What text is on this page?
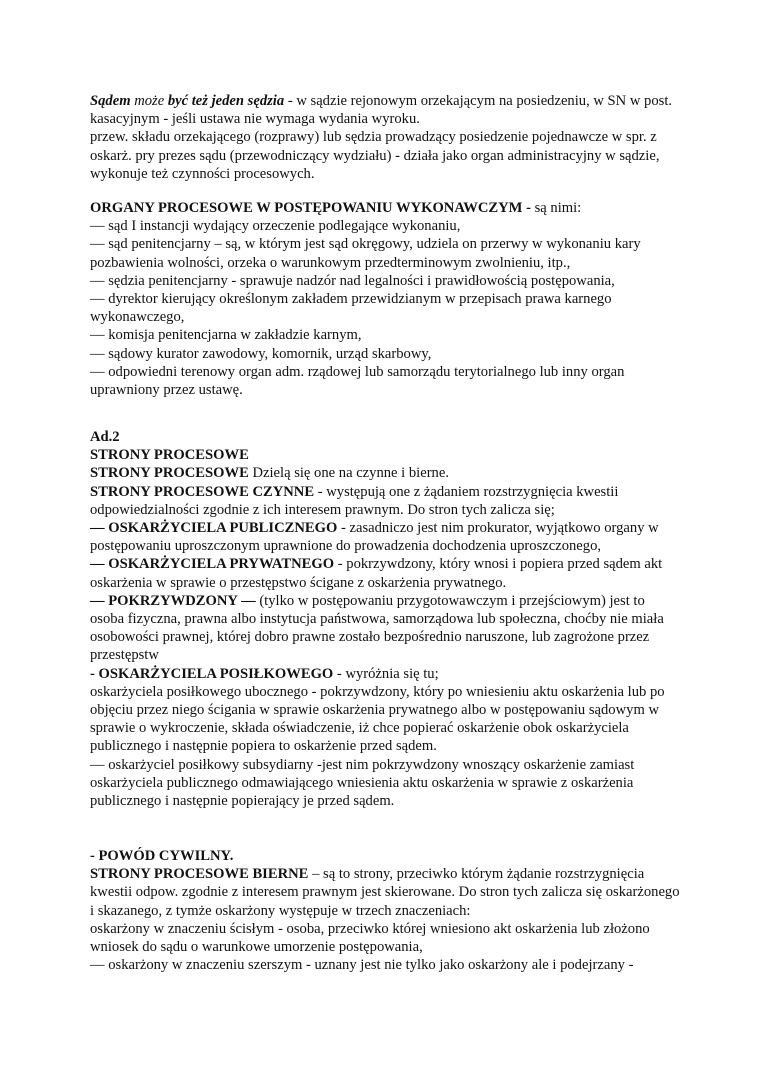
Sądem może być też jeden sędzia - w sądzie rejonowym orzekającym na posiedzeniu, w SN w post. kasacyjnym - jeśli ustawa nie wymaga wydania wyroku.

przew. składu orzekającego (rozprawy) lub sędzia prowadzący posiedzenie pojednawcze w spr. z oskarż. pry prezes sądu (przewodniczący wydziału) - działa jako organ administracyjny w sądzie, wykonuje też czynności procesowych.

ORGANY PROCESOWE W POSTĘPOWANIU WYKONAWCZYM - są nimi:

— sąd I instancji wydający orzeczenie podlegające wykonaniu,

— sąd penitencjarny – są, w którym jest sąd okręgowy, udziela on przerwy w wykonaniu kary pozbawienia wolności, orzeka o warunkowym przedterminowym zwolnieniu, itp.,

— sędzia penitencjarny - sprawuje nadzór nad legalności i prawidłowością postępowania,

— dyrektor kierujący określonym zakładem przewidzianym w przepisach prawa karnego wykonawczego,

— komisja penitencjarna w zakładzie karnym,

— sądowy kurator zawodowy, komornik, urząd skarbowy,

— odpowiedni terenowy organ adm. rządowej lub samorządu terytorialnego lub inny organ uprawniony przez ustawę.

Ad.2

STRONY PROCESOWE

STRONY PROCESOWE Dzielą się one na czynne i bierne.

STRONY PROCESOWE CZYNNE - występują one z żądaniem rozstrzygnięcia kwestii odpowiedzialności zgodnie z ich interesem prawnym. Do stron tych zalicza się;

— OSKARŻYCIELA PUBLICZNEGO - zasadniczo jest nim prokurator, wyjątkowo organy w postępowaniu uproszczonym uprawnione do prowadzenia dochodzenia uproszczonego,

— OSKARŻYCIELA PRYWATNEGO - pokrzywdzony, który wnosi i popiera przed sądem akt oskarżenia w sprawie o przestępstwo ścigane z oskarżenia prywatnego.

— POKRZYWDZONY — (tylko w postępowaniu przygotowawczym i przejściowym) jest to osoba fizyczna, prawna albo instytucja państwowa, samorządowa lub społeczna, choćby nie miała osobowości prawnej, której dobro prawne zostało bezpośrednio naruszone, lub zagrożone przez przestępstw

- OSKARŻYCIELA POSIŁKOWEGO - wyróżnia się tu;

oskarżyciela posiłkowego ubocznego - pokrzywdzony, który po wniesieniu aktu oskarżenia lub po objęciu przez niego ścigania w sprawie oskarżenia prywatnego albo w postępowaniu sądowym w sprawie o wykroczenie, składa oświadczenie, iż chce popierać oskarżenie obok oskarżyciela publicznego i następnie popiera to oskarżenie przed sądem.

— oskarżyciel posiłkowy subsydiarny -jest nim pokrzywdzony wnoszący oskarżenie zamiast oskarżyciela publicznego odmawiającego wniesienia aktu oskarżenia w sprawie z oskarżenia publicznego i następnie popierający je przed sądem.

- POWÓD CYWILNY.

STRONY PROCESOWE BIERNE – są to strony, przeciwko którym żądanie rozstrzygnięcia kwestii odpow. zgodnie z interesem prawnym jest skierowane. Do stron tych zalicza się oskarżonego i skazanego, z tymże oskarżony występuje w trzech znaczeniach:

oskarżony w znaczeniu ścisłym - osoba, przeciwko której wniesiono akt oskarżenia lub złożono wniosek do sądu o warunkowe umorzenie postępowania,

— oskarżony w znaczeniu szerszym - uznany jest nie tylko jako oskarżony ale i podejrzany -
